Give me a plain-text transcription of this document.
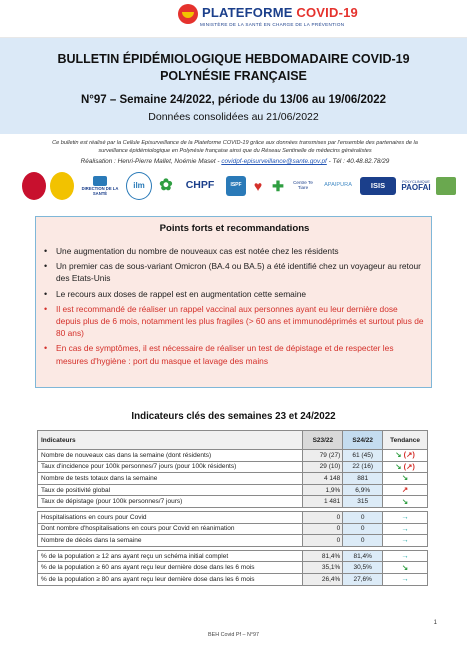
PLATEFORME COVID-19
MINISTÈRE DE LA SANTÉ EN CHARGE DE LA PRÉVENTION
BULLETIN ÉPIDÉMIOLOGIQUE HEBDOMADAIRE COVID-19
POLYNÉSIE FRANÇAISE
N°97 – Semaine 24/2022, période du 13/06 au 19/06/2022
Données consolidées au 21/06/2022
Ce bulletin est réalisé par la Cellule Episurveillance de la Plateforme COVID-19 grâce aux données transmises par l'ensemble des partenaires de la surveillance épidémiologique en Polynésie française ainsi que du Réseau Sentinelle de médecins généralistes
Réalisation : Henri-Pierre Mallet, Noémie Maset - covidpf-episurveillance@sante.gov.pf - Tél : 40.48.82.78/29
DIRECTION DE LA SANTÉ
ilm ✿	CHPF	ISPF ♥ ✚	Centre Te Tiare	APAIPURA	ISIS	POLYCLINIQUE
PAOFAI
Points forts et recommandations
• Une augmentation du nombre de nouveaux cas est notée chez les résidents
• Un premier cas de sous-variant Omicron (BA.4 ou BA.5) a été identifié chez un voyageur au retour des Etats-Unis
• Le recours aux doses de rappel est en augmentation cette semaine
• Il est recommandé de réaliser un rappel vaccinal aux personnes ayant eu leur dernière dose depuis plus de 6 mois, notamment les plus fragiles (> 60 ans et immunodéprimés et surtout plus de 80 ans)
• En cas de symptômes, il est nécessaire de réaliser un test de dépistage et de respecter les mesures d'hygiène : port du masque et lavage des mains
Indicateurs clés des semaines 23 et 24/2022
Indicateurs	S23/22	S24/22	Tendance
Nombre de nouveaux cas dans la semaine (dont résidents)	79 (27)	61 (45)	↘ (↗)
Taux d'incidence pour 100k personnes/7 jours (pour 100k résidents)	29 (10)	22 (16)	↘ (↗)
Nombre de tests totaux dans la semaine	4 148	881	↘
Taux de positivité global	1,9%	6,9%	↗
Taux de dépistage (pour 100k personnes/7 jours)	1 481	315	↘

Hospitalisations en cours pour Covid	0	0	→
Dont nombre d'hospitalisations en cours pour Covid en réanimation	0	0	→
Nombre de décès dans la semaine	0	0	→

% de la population ≥ 12 ans ayant reçu un schéma initial complet	81,4%	81,4%	→
% de la population ≥ 60 ans ayant reçu leur dernière dose dans les 6 mois	35,1%	30,5%	↘
% de la population ≥ 80 ans ayant reçu leur dernière dose dans les 6 mois	26,4%	27,6%	→
1
BEH Covid Pf – N°97
